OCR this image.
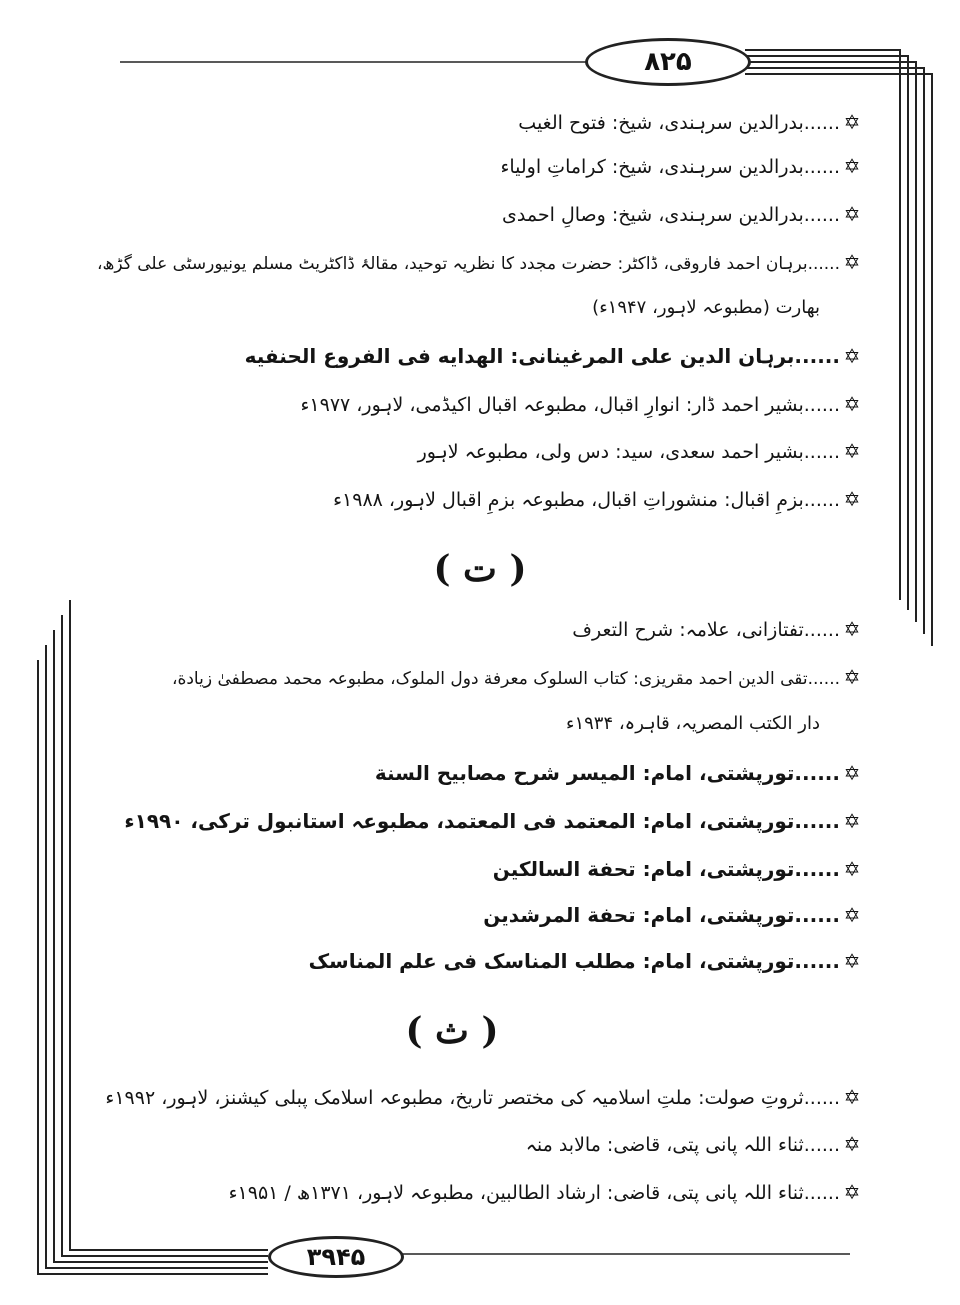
۸۲۵
✡......بدرالدین سرہندی، شیخ: فتوح الغیب
✡......بدرالدین سرہندی، شیخ: کراماتِ اولیاء
✡......بدرالدین سرہندی، شیخ: وصالِ احمدی
✡......برہان احمد فاروقی، ڈاکٹر: حضرت مجدد کا نظریہ توحید، مقالۂ ڈاکٹریٹ مسلم یونیورسٹی علی گڑھ،
بھارت (مطبوعہ لاہور، ۱۹۴۷ء)
✡......برہان الدین علی المرغینانی: الهدایه فی الفروع الحنفیه
✡......بشیر احمد ڈار: انوارِ اقبال، مطبوعہ اقبال اکیڈمی، لاہور، ۱۹۷۷ء
✡......بشیر احمد سعدی، سید: دس ولی، مطبوعہ لاہور
✡......بزمِ اقبال: منشوراتِ اقبال، مطبوعہ بزمِ اقبال لاہور، ۱۹۸۸ء
( ت )
✡......تفتازانی، علامہ: شرح التعرف
✡......تقی الدین احمد مقریزی: کتاب السلوک معرفة دول الملوک، مطبوعہ محمد مصطفیٰ زیادة،
دار الکتب المصریہ، قاہرہ، ۱۹۳۴ء
✡......تورپشتی، امام: المیسر شرح مصابیح السنة
✡......تورپشتی، امام: المعتمد فی المعتمد، مطبوعہ استانبول ترکی، ۱۹۹۰ء
✡......تورپشتی، امام: تحفة السالکین
✡......تورپشتی، امام: تحفة المرشدین
✡......تورپشتی، امام: مطلب المناسک فی علم المناسک
( ث )
✡......ثروتِ صولت: ملتِ اسلامیہ کی مختصر تاریخ، مطبوعہ اسلامک پبلی کیشنز، لاہور، ۱۹۹۲ء
✡......ثناء اللہ پانی پتی، قاضی: مالابد منہ
✡......ثناء اللہ پانی پتی، قاضی: ارشاد الطالبین، مطبوعہ لاہور، ۱۳۷۱ھ / ۱۹۵۱ء
۳۹۴۵
